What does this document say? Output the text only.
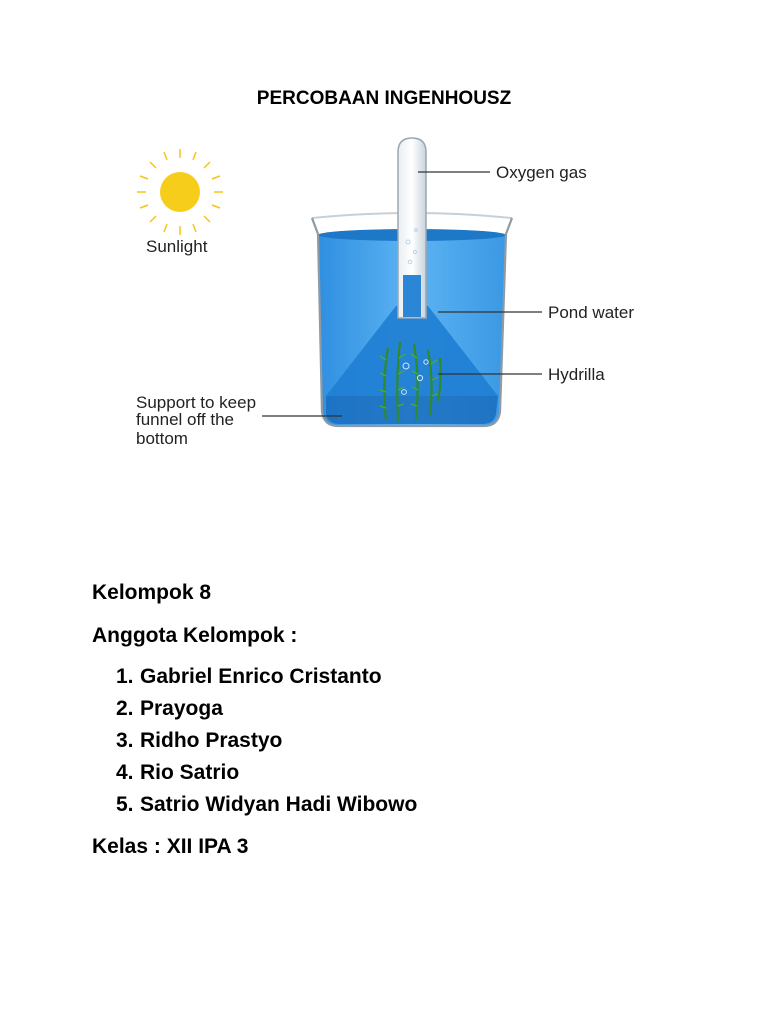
PERCOBAAN INGENHOUSZ
Sunlight
Oxygen gas
Pond water
Hydrilla
Support to keep
funnel off the
bottom
Kelompok 8
Anggota Kelompok :
1. Gabriel Enrico Cristanto
2. Prayoga
3. Ridho Prastyo
4. Rio Satrio
5. Satrio Widyan Hadi Wibowo
Kelas : XII IPA 3
